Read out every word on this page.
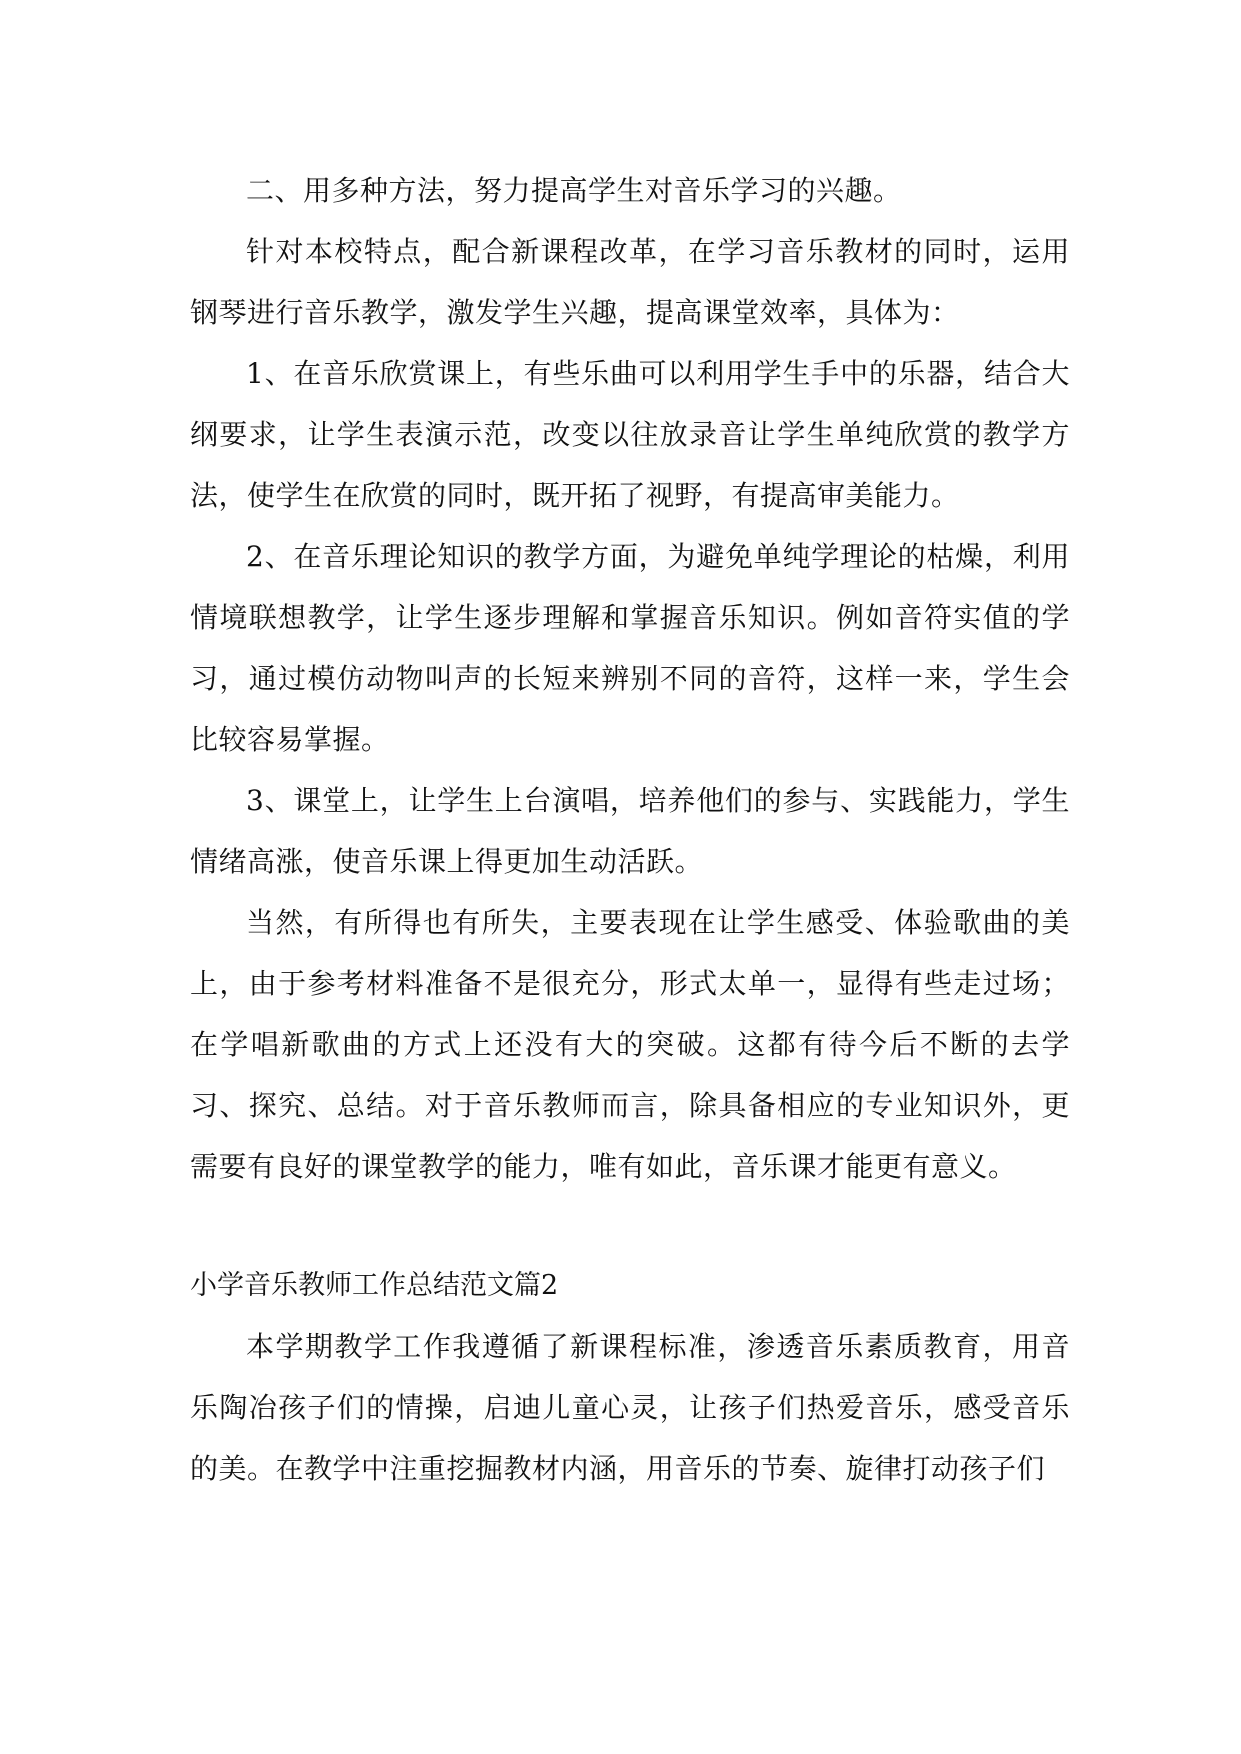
二、用多种方法，努力提高学生对音乐学习的兴趣。

针对本校特点，配合新课程改革，在学习音乐教材的同时，运用钢琴进行音乐教学，激发学生兴趣，提高课堂效率，具体为：

1、在音乐欣赏课上，有些乐曲可以利用学生手中的乐器，结合大纲要求，让学生表演示范，改变以往放录音让学生单纯欣赏的教学方法，使学生在欣赏的同时，既开拓了视野，有提高审美能力。

2、在音乐理论知识的教学方面，为避免单纯学理论的枯燥，利用情境联想教学，让学生逐步理解和掌握音乐知识。例如音符实值的学习，通过模仿动物叫声的长短来辨别不同的音符，这样一来，学生会比较容易掌握。

3、课堂上，让学生上台演唱，培养他们的参与、实践能力，学生情绪高涨，使音乐课上得更加生动活跃。

当然，有所得也有所失，主要表现在让学生感受、体验歌曲的美上，由于参考材料准备不是很充分，形式太单一，显得有些走过场；在学唱新歌曲的方式上还没有大的突破。这都有待今后不断的去学习、探究、总结。对于音乐教师而言，除具备相应的专业知识外，更需要有良好的课堂教学的能力，唯有如此，音乐课才能更有意义。

小学音乐教师工作总结范文篇2

本学期教学工作我遵循了新课程标准，渗透音乐素质教育，用音乐陶冶孩子们的情操，启迪儿童心灵，让孩子们热爱音乐，感受音乐的美。在教学中注重挖掘教材内涵，用音乐的节奏、旋律打动孩子们
